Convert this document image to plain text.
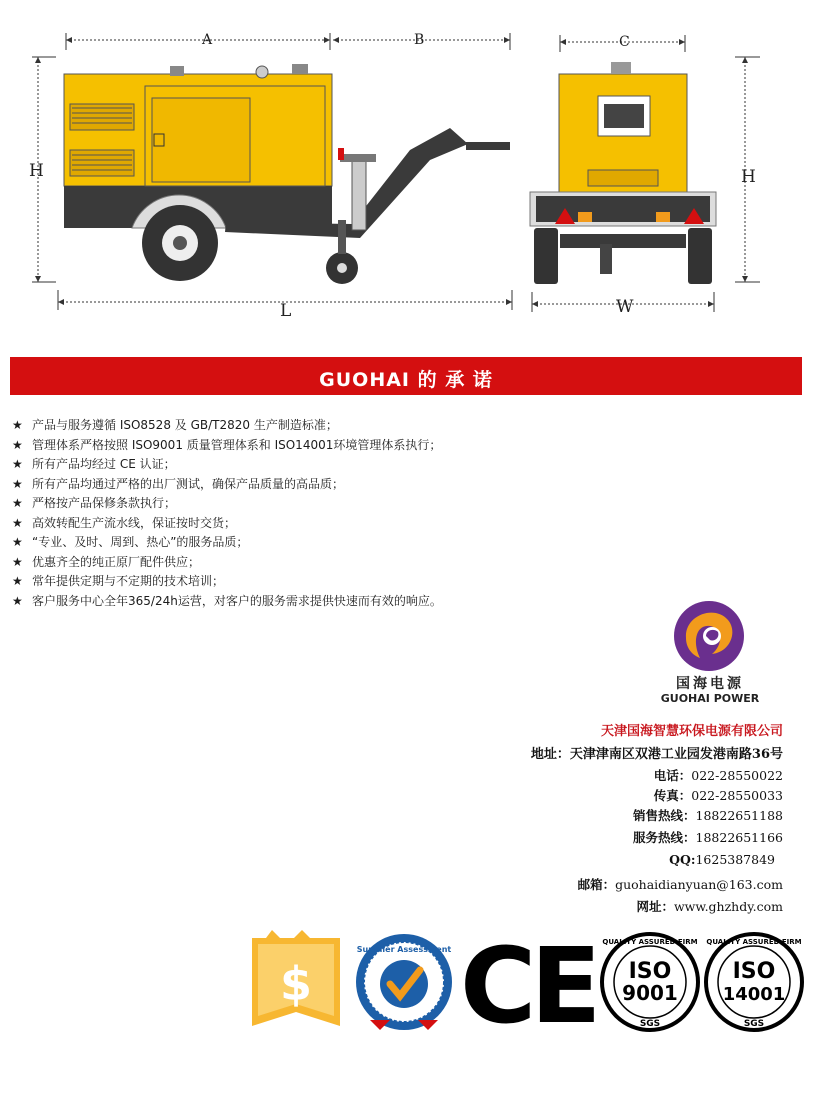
A	B	C
H	H
L	W
GUOHAI 的 承 诺
★ 产品与服务遵循 ISO8528 及 GB/T2820 生产制造标准；
★ 管理体系严格按照 ISO9001 质量管理体系和 ISO14001环境管理体系执行；
★ 所有产品均经过 CE 认证；
★ 所有产品均通过严格的出厂测试，确保产品质量的高品质；
★ 严格按产品保修条款执行；
★ 高效转配生产流水线，保证按时交货；
★ “专业、及时、周到、热心”的服务品质；
★ 优惠齐全的纯正原厂配件供应；
★ 常年提供定期与不定期的技术培训；
★ 客户服务中心全年365/24h运营，对客户的服务需求提供快速而有效的响应。
国海电源
GUOHAI POWER
天津国海智慧环保电源有限公司
地址：天津津南区双港工业园发港南路36号
电话：022-28550022
传真：022-28550033
销售热线：18822651188
服务热线：18822651166
QQ:1625387849
邮箱：guohaidianyuan@163.com
网址：www.ghzhdy.com
$
Supplier Assessment CE QUALITY ASSURED FIRM
ISO
9001
SGS
QUALITY ASSURED FIRM
ISO
14001
SGS
